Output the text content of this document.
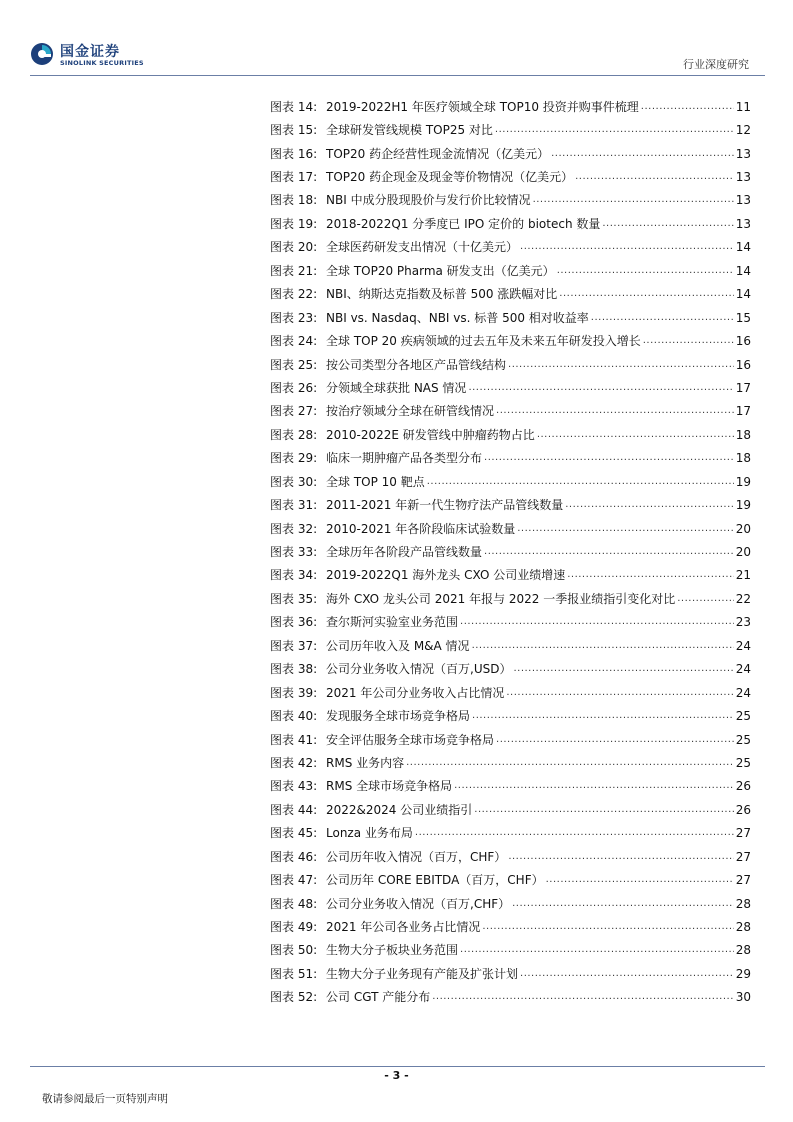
国金证券
SINOLINK SECURITIES	行业深度研究
图表 14: 2019-2022H1 年医疗领域全球 TOP10 投资并购事件梳理 .....	11
图表 15: 全球研发管线规模 TOP25 对比 .....	12
图表 16: TOP20 药企经营性现金流情况（亿美元） .....	13
图表 17: TOP20 药企现金及现金等价物情况（亿美元） .....	13
图表 18: NBI 中成分股现股价与发行价比较情况 .....	13
图表 19: 2018-2022Q1 分季度已 IPO 定价的 biotech 数量 .....	13
图表 20: 全球医药研发支出情况（十亿美元） .....	14
图表 21: 全球 TOP20 Pharma 研发支出（亿美元） .....	14
图表 22: NBI、纳斯达克指数及标普 500 涨跌幅对比 .....	14
图表 23: NBI vs. Nasdaq、NBI vs. 标普 500 相对收益率 .....	15
图表 24: 全球 TOP 20 疾病领域的过去五年及未来五年研发投入增长 .....	16
图表 25: 按公司类型分各地区产品管线结构 .....	16
图表 26: 分领域全球获批 NAS 情况 .....	17
图表 27: 按治疗领域分全球在研管线情况 .....	17
图表 28: 2010-2022E 研发管线中肿瘤药物占比 .....	18
图表 29: 临床一期肿瘤产品各类型分布 .....	18
图表 30: 全球 TOP 10 靶点 .....	19
图表 31: 2011-2021 年新一代生物疗法产品管线数量 .....	19
图表 32: 2010-2021 年各阶段临床试验数量 .....	20
图表 33: 全球历年各阶段产品管线数量 .....	20
图表 34: 2019-2022Q1 海外龙头 CXO 公司业绩增速 .....	21
图表 35: 海外 CXO 龙头公司 2021 年报与 2022 一季报业绩指引变化对比 .....	22
图表 36: 查尔斯河实验室业务范围 .....	23
图表 37: 公司历年收入及 M&A 情况 .....	24
图表 38: 公司分业务收入情况（百万,USD） .....	24
图表 39: 2021 年公司分业务收入占比情况 .....	24
图表 40: 发现服务全球市场竞争格局 .....	25
图表 41: 安全评估服务全球市场竞争格局 .....	25
图表 42: RMS 业务内容 .....	25
图表 43: RMS 全球市场竞争格局 .....	26
图表 44: 2022&2024 公司业绩指引 .....	26
图表 45: Lonza 业务布局 .....	27
图表 46: 公司历年收入情况（百万，CHF） .....	27
图表 47: 公司历年 CORE EBITDA（百万，CHF） .....	27
图表 48: 公司分业务收入情况（百万,CHF） .....	28
图表 49: 2021 年公司各业务占比情况 .....	28
图表 50: 生物大分子板块业务范围 .....	28
图表 51: 生物大分子业务现有产能及扩张计划 .....	29
图表 52: 公司 CGT 产能分布 .....	30
- 3 -
敬请参阅最后一页特别声明
